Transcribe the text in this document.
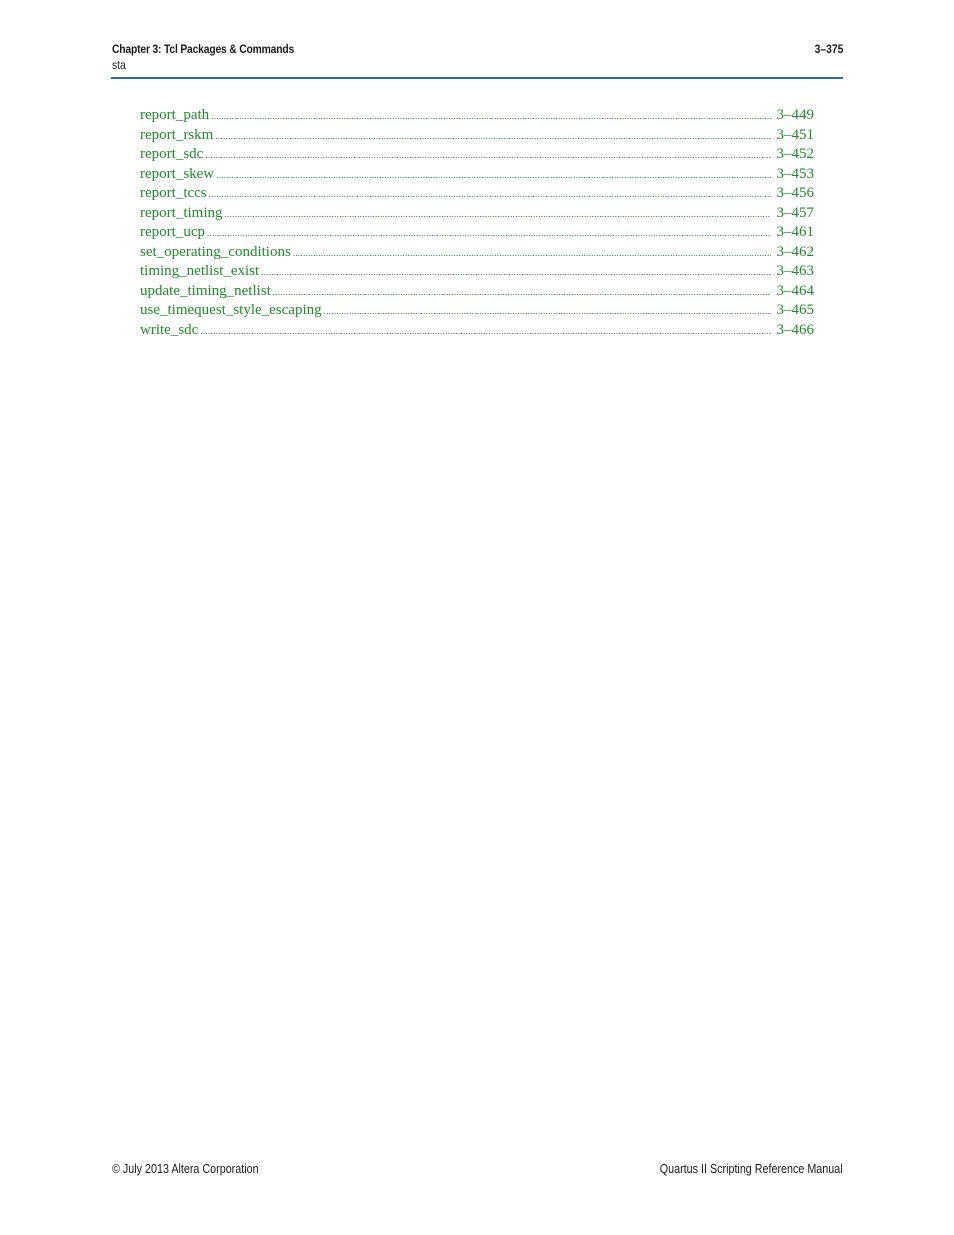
Chapter 3: Tcl Packages & Commands	3–375
sta
report_path .....	3–449
report_rskm .....	3–451
report_sdc .....	3–452
report_skew .....	3–453
report_tccs .....	3–456
report_timing .....	3–457
report_ucp .....	3–461
set_operating_conditions .....	3–462
timing_netlist_exist .....	3–463
update_timing_netlist .....	3–464
use_timequest_style_escaping .....	3–465
write_sdc .....	3–466
© July 2013 Altera Corporation	Quartus II Scripting Reference Manual
